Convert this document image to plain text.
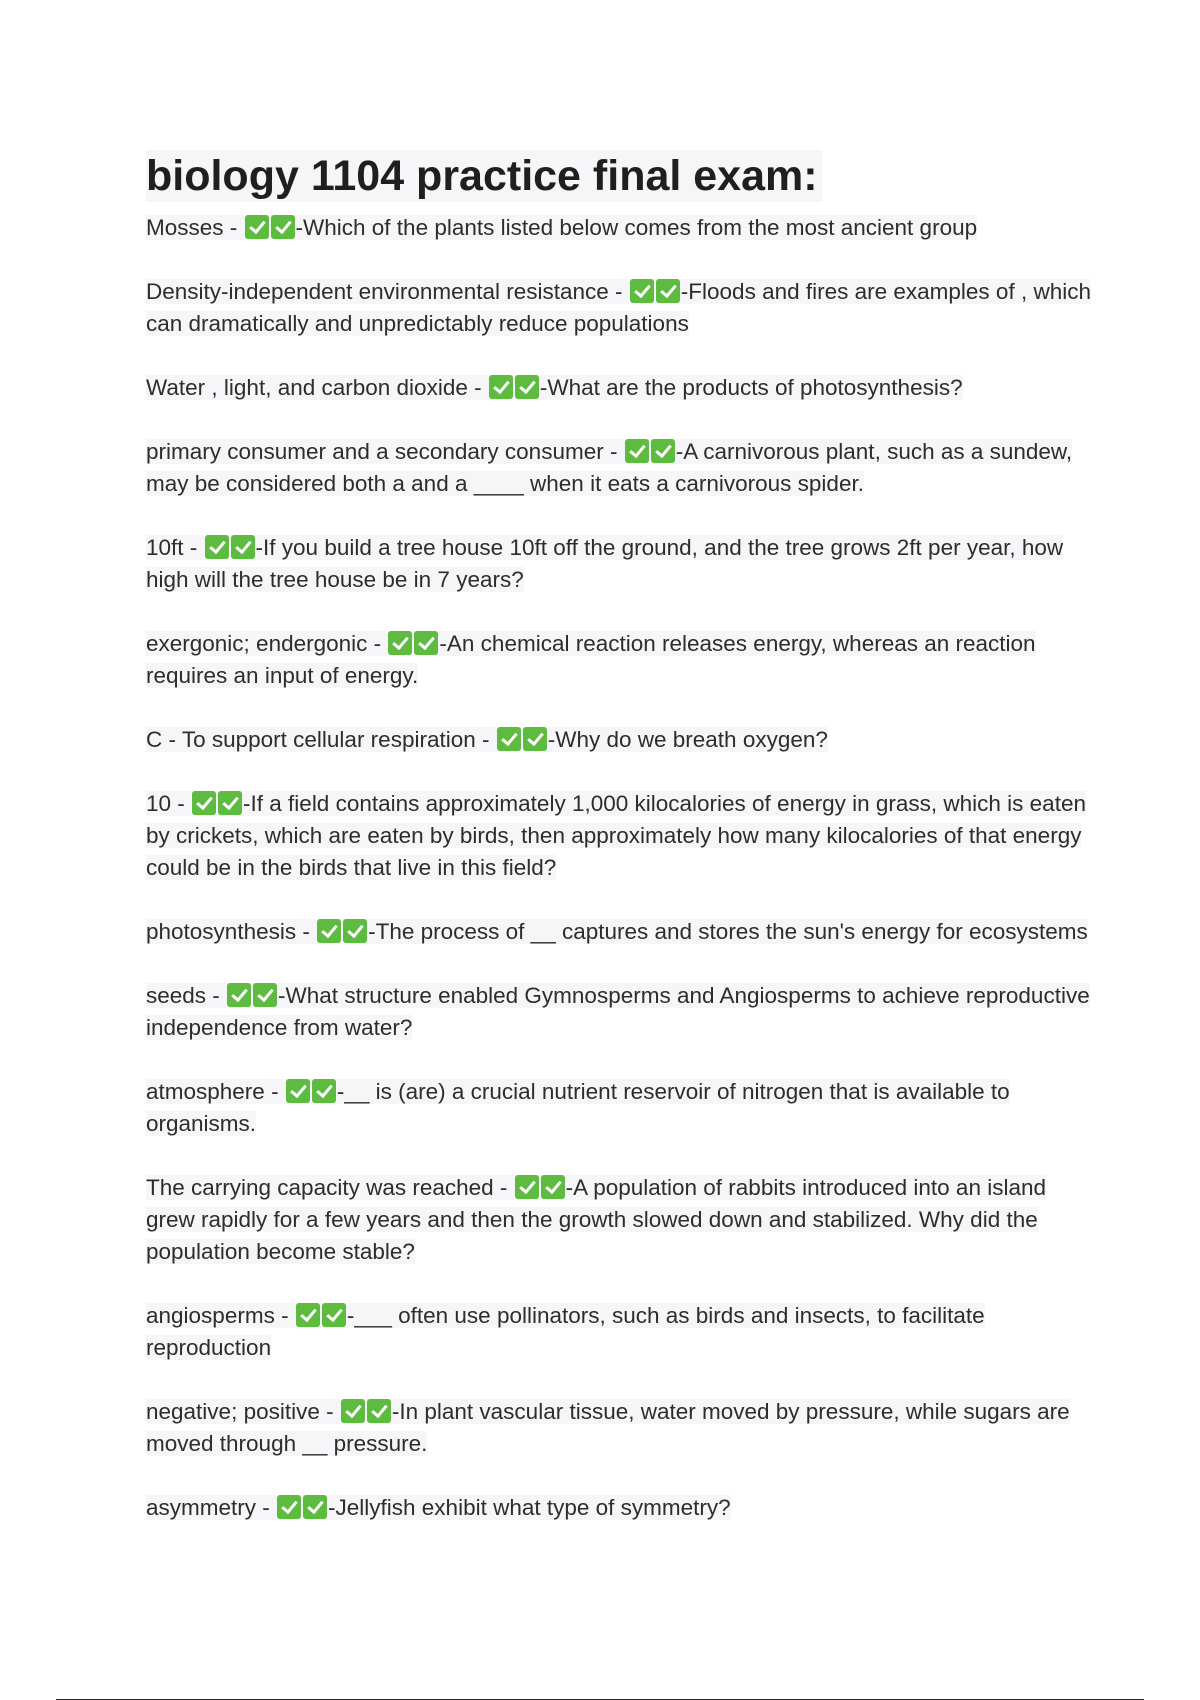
biology 1104 practice final exam:

Mosses - -Which of the plants listed below comes from the most ancient group

Density-independent environmental resistance - -Floods and fires are examples of , which can dramatically and unpredictably reduce populations

Water , light, and carbon dioxide - -What are the products of photosynthesis?

primary consumer and a secondary consumer - -A carnivorous plant, such as a sundew, may be considered both a and a ____ when it eats a carnivorous spider.

10ft - -If you build a tree house 10ft off the ground, and the tree grows 2ft per year, how high will the tree house be in 7 years?

exergonic; endergonic - -An chemical reaction releases energy, whereas an reaction requires an input of energy.

C - To support cellular respiration - -Why do we breath oxygen?

10 - -If a field contains approximately 1,000 kilocalories of energy in grass, which is eaten by crickets, which are eaten by birds, then approximately how many kilocalories of that energy could be in the birds that live in this field?

photosynthesis - -The process of __ captures and stores the sun's energy for ecosystems

seeds - -What structure enabled Gymnosperms and Angiosperms to achieve reproductive independence from water?

atmosphere - -__ is (are) a crucial nutrient reservoir of nitrogen that is available to organisms.

The carrying capacity was reached - -A population of rabbits introduced into an island grew rapidly for a few years and then the growth slowed down and stabilized. Why did the population become stable?

angiosperms - -___ often use pollinators, such as birds and insects, to facilitate reproduction

negative; positive - -In plant vascular tissue, water moved by pressure, while sugars are moved through __ pressure.

asymmetry - -Jellyfish exhibit what type of symmetry?
